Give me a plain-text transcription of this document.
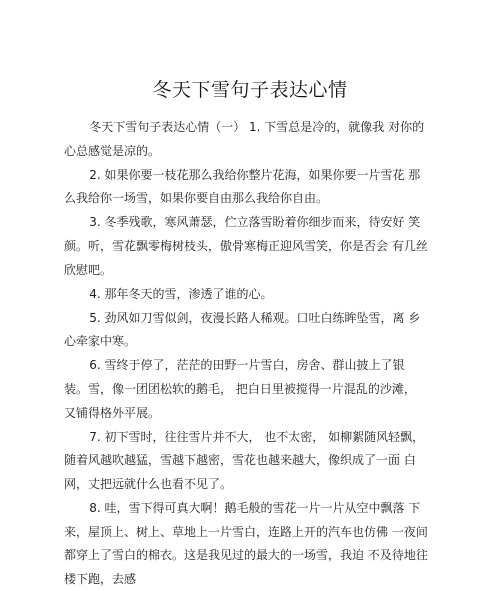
冬天下雪句子表达心情

冬天下雪句子表达心情（一） 1. 下雪总是冷的，就像我 对你的心总感觉是凉的。

2. 如果你要一枝花那么我给你整片花海，如果你要一片雪花 那么我给你一场雪，如果你要自由那么我给你自由。

3. 冬季残歌，寒风萧瑟，伫立落雪盼着你细步而来，待安好 笑颜。听，雪花飘零梅树枝头，傲骨寒梅正迎风雪笑，你是否会 有几丝欣慰吧。

4. 那年冬天的雪，渗透了谁的心。

5. 劲风如刀雪似剑，夜漫长路人稀观。口吐白练眸坠雪，离 乡心牵家中寒。

6. 雪终于停了，茫茫的田野一片雪白，房舍、群山披上了银 装。雪，像一团团松软的鹅毛， 把白日里被搅得一片混乱的沙滩， 又铺得格外平展。

7. 初下雪时，往往雪片并不大， 也不太密， 如柳絮随风轻飘， 随着风越吹越猛，雪越下越密，雪花也越来越大，像织成了一面 白网，丈把远就什么也看不见了。

8. 哇，雪下得可真大啊！鹅毛般的雪花一片一片从空中飘落 下来，屋顶上、树上、草地上一片雪白，连路上开的汽车也仿佛 一夜间都穿上了雪白的棉衣。这是我见过的最大的一场雪，我迫 不及待地往楼下跑，去感
